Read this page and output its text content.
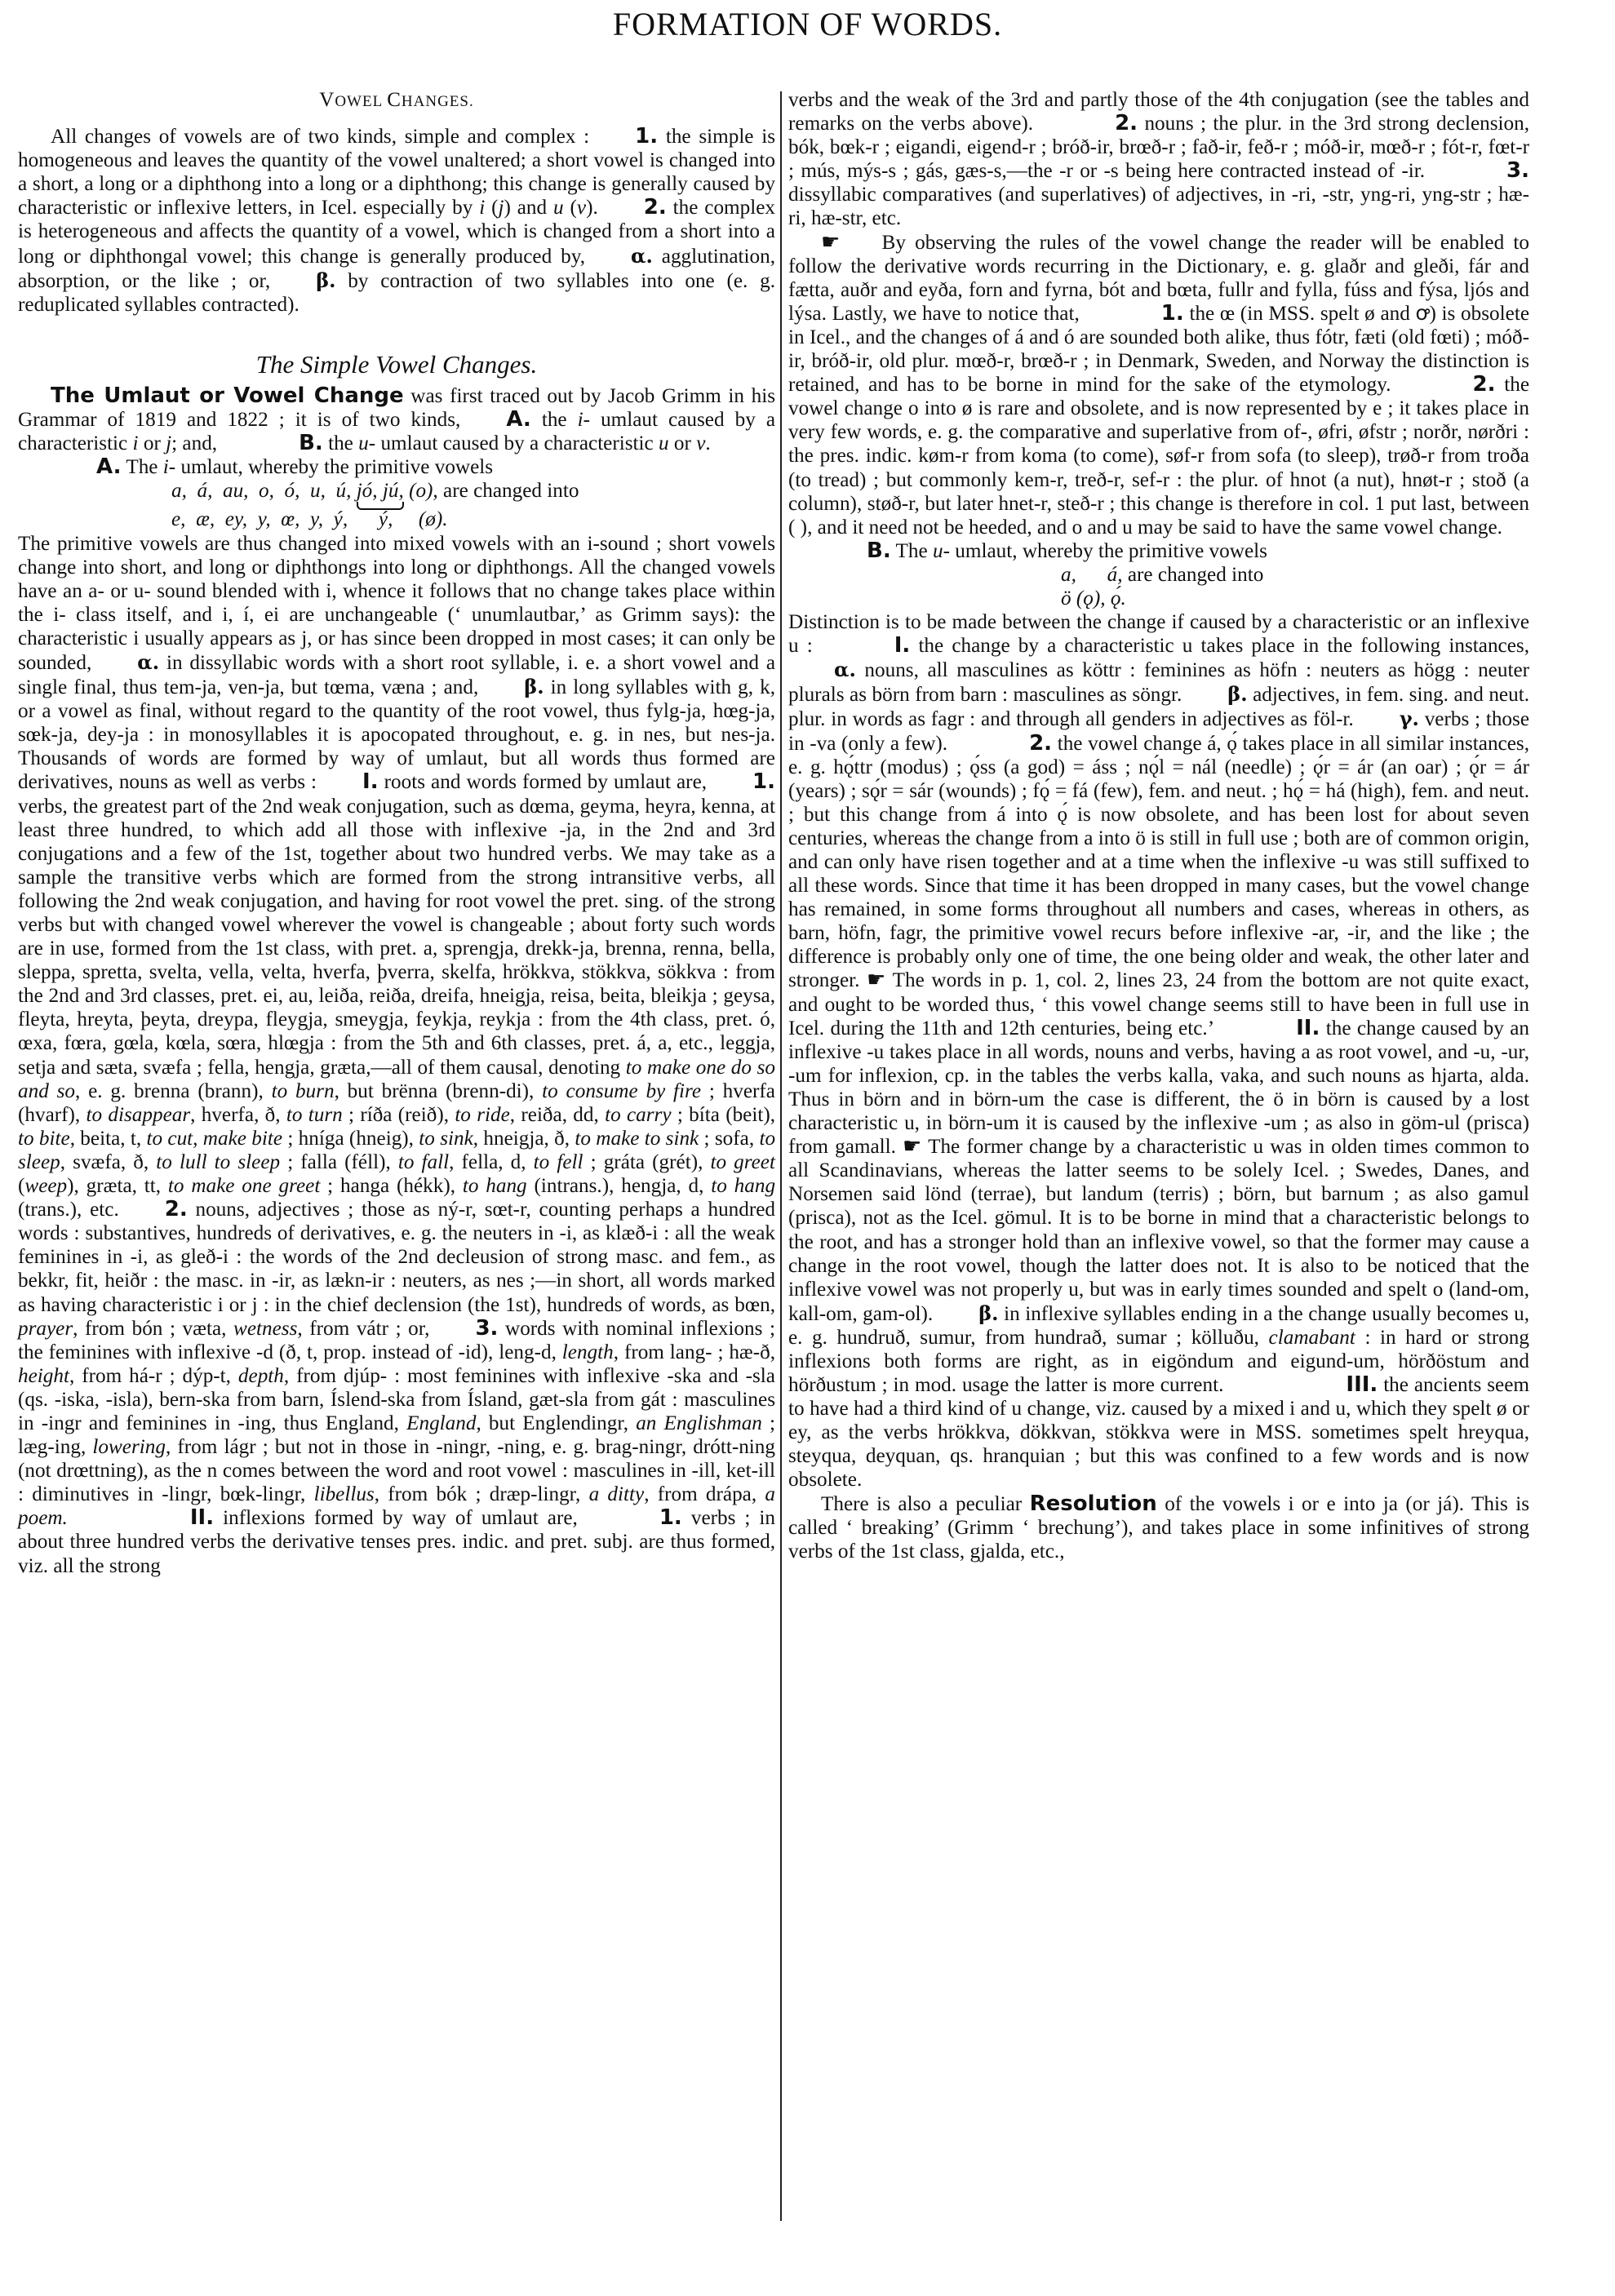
FORMATION OF WORDS.
VOWEL CHANGES.

All changes of vowels are of two kinds, simple and complex : 1. the simple is homogeneous and leaves the quantity of the vowel unaltered; a short vowel is changed into a short, a long or a diphthong into a long or a diphthong; this change is generally caused by characteristic or inflexive letters, in Icel. especially by i (j) and u (v). 2. the complex is heterogeneous and affects the quantity of a vowel, which is changed from a short into a long or diphthongal vowel; this change is generally produced by, α. agglutination, absorption, or the like ; or, β. by contraction of two syllables into one (e. g. reduplicated syllables contracted).

The Simple Vowel Changes.

The Umlaut or Vowel Change was first traced out by Jacob Grimm in his Grammar of 1819 and 1822 ; it is of two kinds, A. the i- umlaut caused by a characteristic i or j; and,	B. the u- umlaut caused by a characteristic u or v.

A. The i- umlaut, whereby the primitive vowels

a,  á,  au,  o,  ó,  u,  ú, jó, jú, (o), are changed into
e,  æ,  ey,  y,  œ,  y,  ý,      ý,     (ø).

The primitive vowels are thus changed into mixed vowels with an i-sound ; short vowels change into short, and long or diphthongs into long or diphthongs. All the changed vowels have an a- or u- sound blended with i, whence it follows that no change takes place within the i- class itself, and i, í, ei are unchangeable (‘ unumlautbar,’ as Grimm says): the characteristic i usually appears as j, or has since been dropped in most cases; it can only be sounded, α. in dissyllabic words with a short root syllable, i. e. a short vowel and a single final, thus tem-ja, ven-ja, but tœma, væna ; and, β. in long syllables with g, k, or a vowel as final, without regard to the quantity of the root vowel, thus fylg-ja, hœg-ja, sœk-ja, dey-ja : in monosyllables it is apocopated throughout, e. g. in nes, but nes-ja. Thousands of words are formed by way of umlaut, but all words thus formed are derivatives, nouns as well as verbs : I. roots and words formed by umlaut are, 1. verbs, the greatest part of the 2nd weak conjugation, such as dœma, geyma, heyra, kenna, at least three hundred, to which add all those with inflexive -ja, in the 2nd and 3rd conjugations and a few of the 1st, together about two hundred verbs. We may take as a sample the transitive verbs which are formed from the strong intransitive verbs, all following the 2nd weak conjugation, and having for root vowel the pret. sing. of the strong verbs but with changed vowel wherever the vowel is changeable ; about forty such words are in use, formed from the 1st class, with pret. a, sprengja, drekk-ja, brenna, renna, bella, sleppa, spretta, svelta, vella, velta, hverfa, þverra, skelfa, hrökkva, stökkva, sökkva : from the 2nd and 3rd classes, pret. ei, au, leiða, reiða, dreifa, hneigja, reisa, beita, bleikja ; geysa, fleyta, hreyta, þeyta, dreypa, fleygja, smeygja, feykja, reykja : from the 4th class, pret. ó, œxa, fœra, gœla, kœla, sœra, hlœgja : from the 5th and 6th classes, pret. á, a, etc., leggja, setja and sæta, svæfa ; fella, hengja, græta,—all of them causal, denoting to make one do so and so, e. g. brenna (brann), to burn, but brënna (brenn-di), to consume by fire ; hverfa (hvarf), to disappear, hverfa, ð, to turn ; ríða (reið), to ride, reiða, dd, to carry ; bíta (beit), to bite, beita, t, to cut, make bite ; hníga (hneig), to sink, hneigja, ð, to make to sink ; sofa, to sleep, svæfa, ð, to lull to sleep ; falla (féll), to fall, fella, d, to fell ; gráta (grét), to greet (weep), græta, tt, to make one greet ; hanga (hékk), to hang (intrans.), hengja, d, to hang (trans.), etc. 2. nouns, adjectives ; those as ný-r, sœt-r, counting perhaps a hundred words : substantives, hundreds of derivatives, e. g. the neuters in -i, as klæð-i : all the weak feminines in -i, as gleð-i : the words of the 2nd decleusion of strong masc. and fem., as bekkr, fit, heiðr : the masc. in -ir, as lækn-ir : neuters, as nes ;—in short, all words marked as having characteristic i or j : in the chief declension (the 1st), hundreds of words, as bœn, prayer, from bón ; væta, wetness, from vátr ; or, 3. words with nominal inflexions ; the feminines with inflexive -d (ð, t, prop. instead of -id), leng-d, length, from lang- ; hæ-ð, height, from há-r ; dýp-t, depth, from djúp- : most feminines with inflexive -ska and -sla (qs. -iska, -isla), bern-ska from barn, Íslend-ska from Ísland, gæt-sla from gát : masculines in -ingr and feminines in -ing, thus England, England, but Englendingr, an Englishman ; læg-ing, lowering, from lágr ; but not in those in -ningr, -ning, e. g. brag-ningr, drótt-ning (not drœttning), as the n comes between the word and root vowel : masculines in -ill, ket-ill : diminutives in -lingr, bœk-lingr, libellus, from bók ; dræp-lingr, a ditty, from drápa, a poem.	II. inflexions formed by way of umlaut are,	1. verbs ; in about three hundred verbs the derivative tenses pres. indic. and pret. subj. are thus formed, viz. all the strong

verbs and the weak of the 3rd and partly those of the 4th conjugation (see the tables and remarks on the verbs above).	2. nouns ; the plur. in the 3rd strong declension, bók, bœk-r ; eigandi, eigend-r ; bróð-ir, brœð-r ; fað-ir, feð-r ; móð-ir, mœð-r ; fót-r, fœt-r ; mús, mýs-s ; gás, gæs-s,—the -r or -s being here contracted instead of -ir.	3. dissyllabic comparatives (and superlatives) of adjectives, in -ri, -str, yng-ri, yng-str ; hæ-ri, hæ-str, etc.

☚ By observing the rules of the vowel change the reader will be enabled to follow the derivative words recurring in the Dictionary, e. g. glaðr and gleði, fár and fætta, auðr and eyða, forn and fyrna, bót and bœta, fullr and fylla, fúss and fýsa, ljós and lýsa. Lastly, we have to notice that,	1. the œ (in MSS. spelt ø and ꝍ) is obsolete in Icel., and the changes of á and ó are sounded both alike, thus fótr, fæti (old fœti) ; móð-ir, bróð-ir, old plur. mœð-r, brœð-r ; in Denmark, Sweden, and Norway the distinction is retained, and has to be borne in mind for the sake of the etymology.	2. the vowel change o into ø is rare and obsolete, and is now represented by e ; it takes place in very few words, e. g. the comparative and superlative from of-, øfri, øfstr ; norðr, nørðri : the pres. indic. køm-r from koma (to come), søf-r from sofa (to sleep), trøð-r from troða (to tread) ; but commonly kem-r, treð-r, sef-r : the plur. of hnot (a nut), hnøt-r ; stoð (a column), støð-r, but later hnet-r, steð-r ; this change is therefore in col. 1 put last, between ( ), and it need not be heeded, and o and u may be said to have the same vowel change.

B. The u- umlaut, whereby the primitive vowels

a,      á, are changed into
ö (ǫ), ǫ́.

Distinction is to be made between the change if caused by a characteristic or an inflexive u :	I. the change by a characteristic u takes place in the following instances,α. nouns, all masculines as köttr : feminines as höfn : neuters as högg : neuter plurals as börn from barn : masculines as söngr. β. adjectives, in fem. sing. and neut. plur. in words as fagr : and through all genders in adjectives as föl-r. γ. verbs ; those in -va (only a few).	2. the vowel change á, ǫ́ takes place in all similar instances, e. g. hǫ́ttr (modus) ; ǫ́ss (a god) = áss ; nǫ́l = nál (needle) ; ǫ́r = ár (an oar) ; ǫ́r = ár (years) ; sǫ́r = sár (wounds) ; fǫ́ = fá (few), fem. and neut. ; hǫ́ = há (high), fem. and neut. ; but this change from á into ǫ́ is now obsolete, and has been lost for about seven centuries, whereas the change from a into ö is still in full use ; both are of common origin, and can only have risen together and at a time when the inflexive -u was still suffixed to all these words. Since that time it has been dropped in many cases, but the vowel change has remained, in some forms throughout all numbers and cases, whereas in others, as barn, höfn, fagr, the primitive vowel recurs before inflexive -ar, -ir, and the like ; the difference is probably only one of time, the one being older and weak, the other later and stronger. ☚ The words in p. 1, col. 2, lines 23, 24 from the bottom are not quite exact, and ought to be worded thus, ‘ this vowel change seems still to have been in full use in Icel. during the 11th and 12th centuries, being etc.’	II. the change caused by an inflexive -u takes place in all words, nouns and verbs, having a as root vowel, and -u, -ur, -um for inflexion, cp. in the tables the verbs kalla, vaka, and such nouns as hjarta, alda. Thus in börn and in börn-um the case is different, the ö in börn is caused by a lost characteristic u, in börn-um it is caused by the inflexive -um ; as also in göm-ul (prisca) from gamall. ☚ The former change by a characteristic u was in olden times common to all Scandinavians, whereas the latter seems to be solely Icel. ; Swedes, Danes, and Norsemen said lönd (terrae), but landum (terris) ; börn, but barnum ; as also gamul (prisca), not as the Icel. gömul. It is to be borne in mind that a characteristic belongs to the root, and has a stronger hold than an inflexive vowel, so that the former may cause a change in the root vowel, though the latter does not. It is also to be noticed that the inflexive vowel was not properly u, but was in early times sounded and spelt o (land-om, kall-om, gam-ol). β. in inflexive syllables ending in a the change usually becomes u, e. g. hundruð, sumur, from hundrað, sumar ; kölluðu, clamabant : in hard or strong inflexions both forms are right, as in eigöndum and eigund-um, hörðöstum and hörðustum ; in mod. usage the latter is more current.	III. the ancients seem to have had a third kind of u change, viz. caused by a mixed i and u, which they spelt ø or ey, as the verbs hrökkva, dökkvan, stökkva were in MSS. sometimes spelt hreyqua, steyqua, deyquan, qs. hranquian ; but this was confined to a few words and is now obsolete.

There is also a peculiar Resolution of the vowels i or e into ja (or já). This is called ‘ breaking’ (Grimm ‘ brechung’), and takes place in some infinitives of strong verbs of the 1st class, gjalda, etc.,
